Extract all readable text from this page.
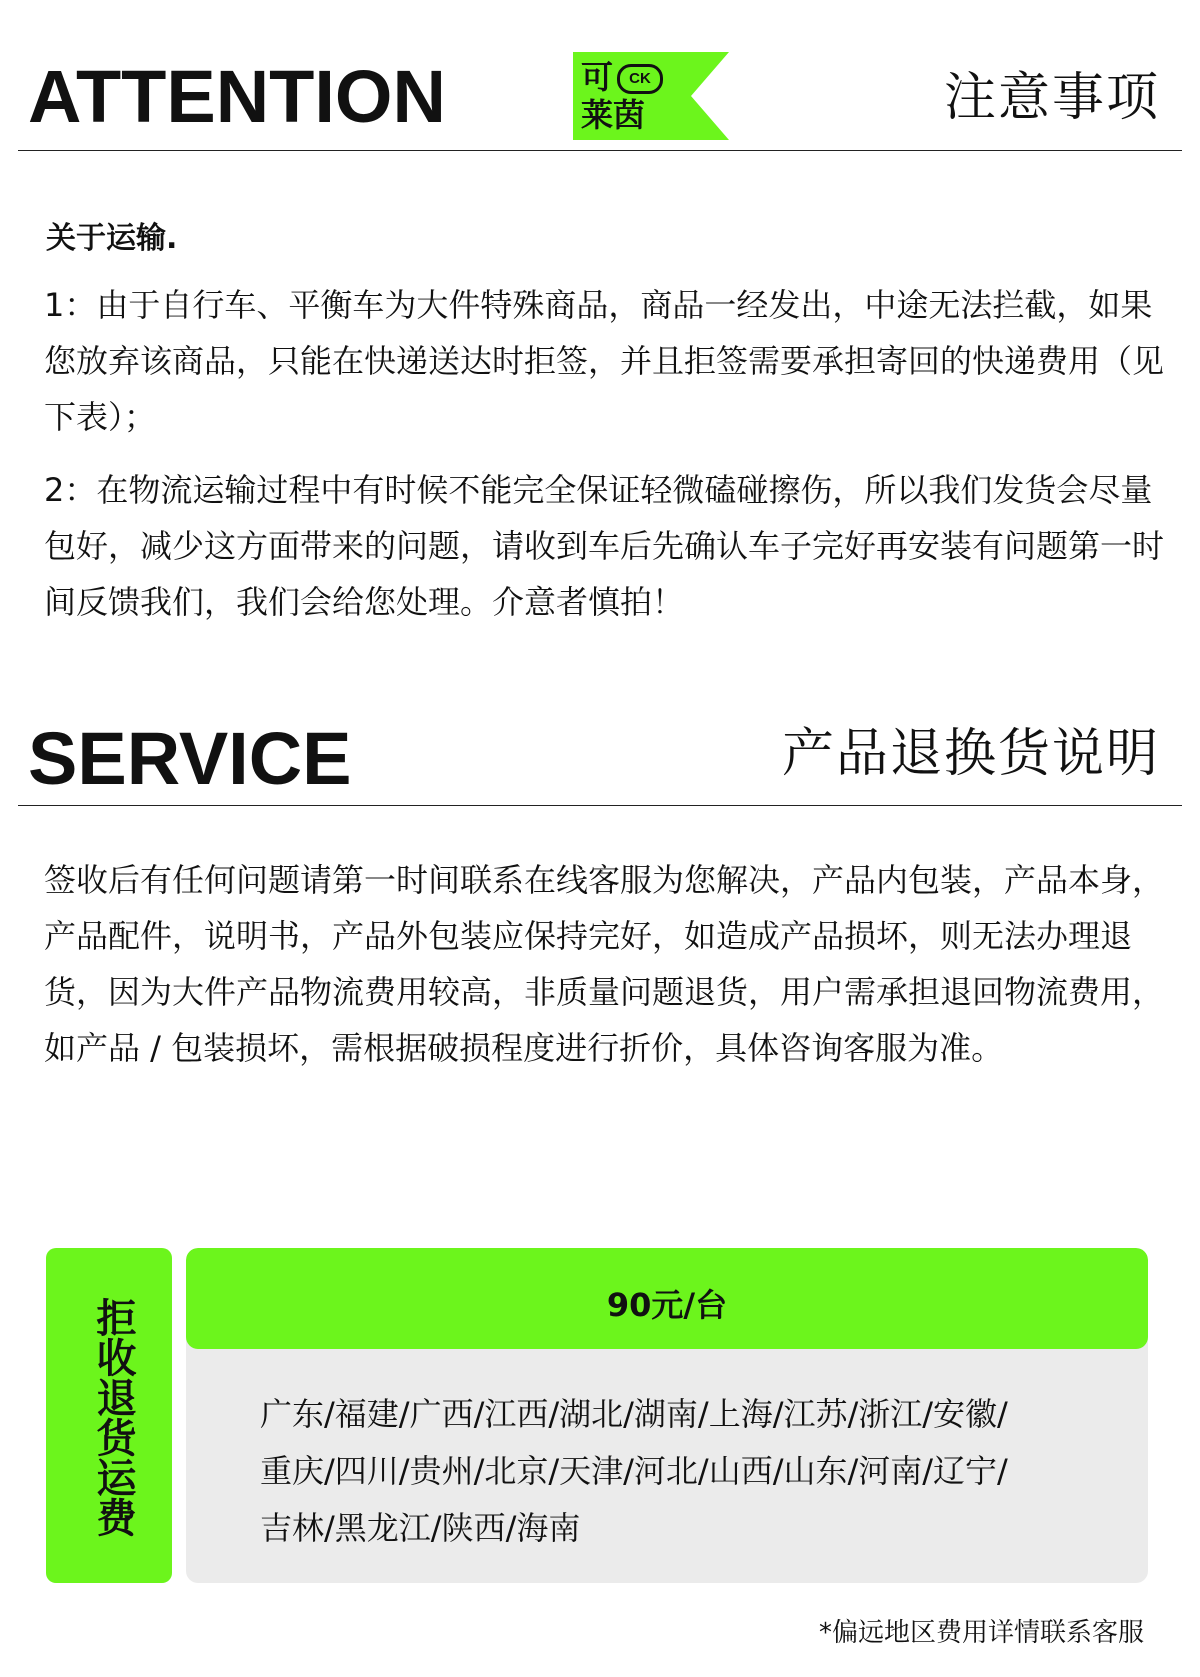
ATTENTION	可 CK
莱茵	注意事项
关于运输.

1：由于自行车、平衡车为大件特殊商品，商品一经发出，中途无法拦截，如果您放弃该商品，只能在快递送达时拒签，并且拒签需要承担寄回的快递费用（见下表）；

2：在物流运输过程中有时候不能完全保证轻微磕碰擦伤，所以我们发货会尽量包好，减少这方面带来的问题，请收到车后先确认车子完好再安装有问题第一时间反馈我们，我们会给您处理。介意者慎拍！

SERVICE	产品退换货说明

签收后有任何问题请第一时间联系在线客服为您解决，产品内包装，产品本身，产品配件，说明书，产品外包装应保持完好，如造成产品损坏，则无法办理退货，因为大件产品物流费用较高，非质量问题退货，用户需承担退回物流费用，如产品 / 包装损坏，需根据破损程度进行折价，具体咨询客服为准。

拒收退货运费	90元/台
广东/福建/广西/江西/湖北/湖南/上海/江苏/浙江/安徽/
重庆/四川/贵州/北京/天津/河北/山西/山东/河南/辽宁/
吉林/黑龙江/陕西/海南
*偏远地区费用详情联系客服
